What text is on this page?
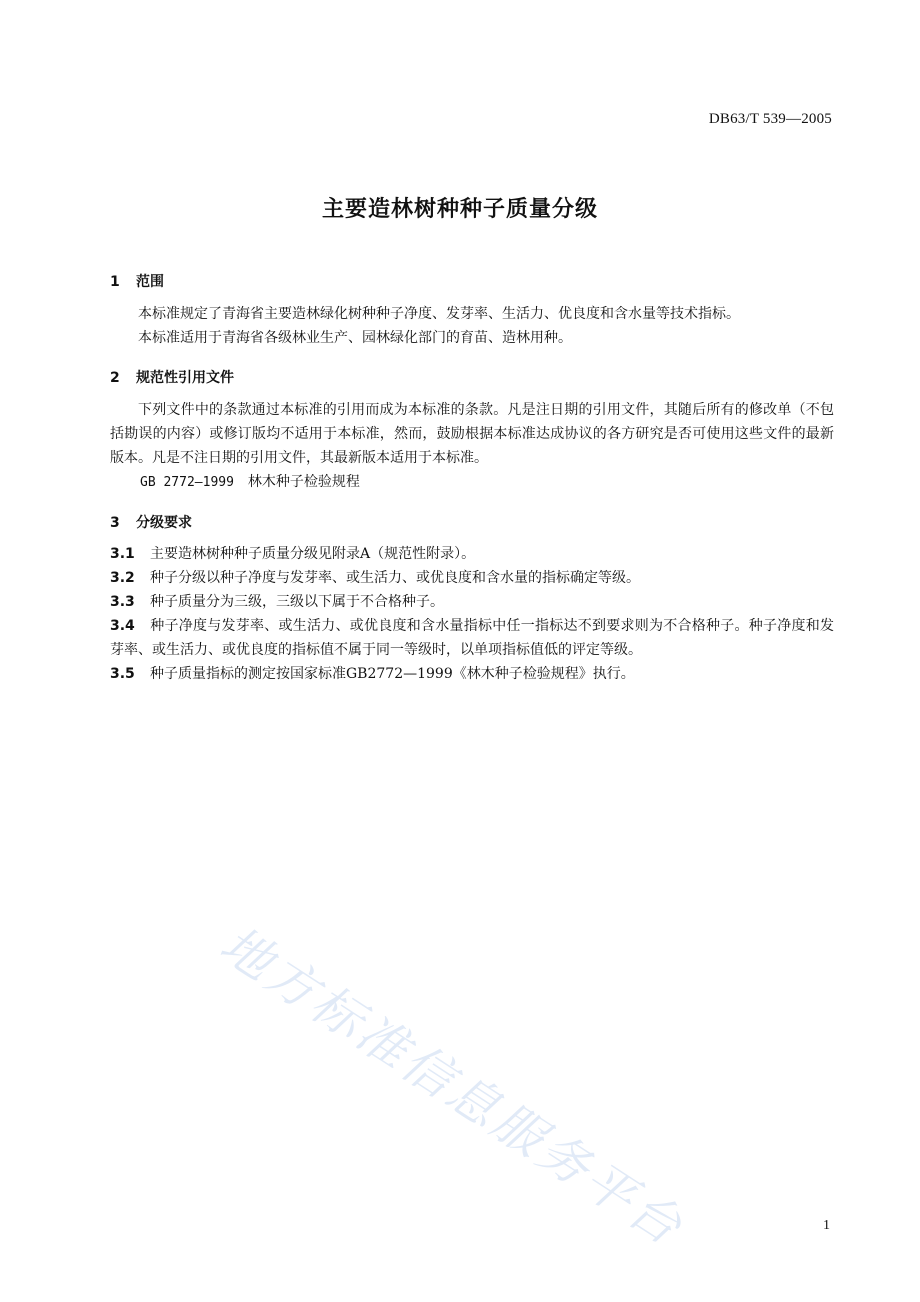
DB63/T 539—2005
主要造林树种种子质量分级
1 范围

本标准规定了青海省主要造林绿化树种种子净度、发芽率、生活力、优良度和含水量等技术指标。

本标准适用于青海省各级林业生产、园林绿化部门的育苗、造林用种。

2 规范性引用文件

下列文件中的条款通过本标准的引用而成为本标准的条款。凡是注日期的引用文件，其随后所有的修改单（不包括勘误的内容）或修订版均不适用于本标准，然而，鼓励根据本标准达成协议的各方研究是否可使用这些文件的最新版本。凡是不注日期的引用文件，其最新版本适用于本标准。

GB 2772—1999 林木种子检验规程
3 分级要求
3.1 主要造林树种种子质量分级见附录A（规范性附录）。
3.2 种子分级以种子净度与发芽率、或生活力、或优良度和含水量的指标确定等级。
3.3 种子质量分为三级，三级以下属于不合格种子。
3.4 种子净度与发芽率、或生活力、或优良度和含水量指标中任一指标达不到要求则为不合格种子。种子净度和发芽率、或生活力、或优良度的指标值不属于同一等级时，以单项指标值低的评定等级。
3.5 种子质量指标的测定按国家标准GB2772—1999《林木种子检验规程》执行。
地方标准信息服务平台	1
